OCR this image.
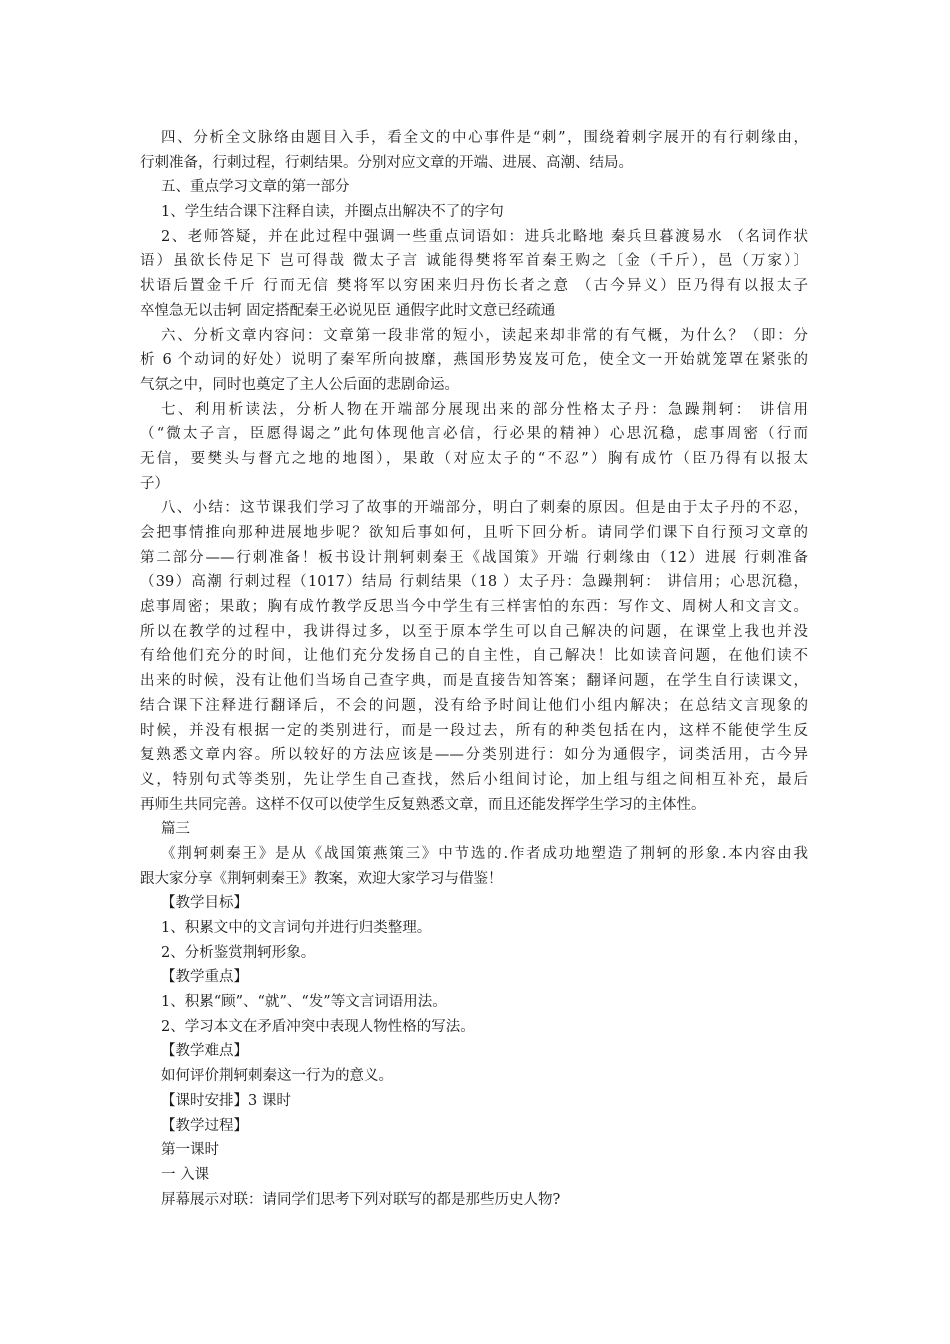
四、分析全文脉络由题目入手，看全文的中心事件是“刺”，围绕着刺字展开的有行刺缘由，
行刺准备，行刺过程，行刺结果。分别对应文章的开端、进展、高潮、结局。
五、重点学习文章的第一部分
1、学生结合课下注释自读，并圈点出解决不了的字句
2、老师答疑，并在此过程中强调一些重点词语如：进兵北略地 秦兵旦暮渡易水 （名词作状
语）虽欲长侍足下 岂可得哉 微太子言 诚能得樊将军首秦王购之〔金（千斤），邑（万家）〕
状语后置金千斤 行而无信 樊将军以穷困来归丹伤长者之意 （古今异义）臣乃得有以报太子
卒惶急无以击轲 固定搭配秦王必说见臣 通假字此时文意已经疏通
六、分析文章内容问：文章第一段非常的短小，读起来却非常的有气概，为什么？（即：分
析 6 个动词的好处）说明了秦军所向披靡，燕国形势岌岌可危，使全文一开始就笼罩在紧张的
气氛之中，同时也奠定了主人公后面的悲剧命运。
七、利用析读法，分析人物在开端部分展现出来的部分性格太子丹：急躁荆轲： 讲信用
（“微太子言，臣愿得谒之”此句体现他言必信，行必果的精神）心思沉稳，虑事周密（行而
无信，要樊头与督亢之地的地图），果敢（对应太子的“不忍”）胸有成竹（臣乃得有以报太
子）
八、小结：这节课我们学习了故事的开端部分，明白了刺秦的原因。但是由于太子丹的不忍，
会把事情推向那种进展地步呢？欲知后事如何，且听下回分析。请同学们课下自行预习文章的
第二部分——行刺准备！板书设计荆轲刺秦王《战国策》开端 行刺缘由（12）进展 行刺准备
（39）高潮 行刺过程（1017）结局 行刺结果（18 ）太子丹：急躁荆轲： 讲信用；心思沉稳，
虑事周密；果敢；胸有成竹教学反思当今中学生有三样害怕的东西：写作文、周树人和文言文。
所以在教学的过程中，我讲得过多，以至于原本学生可以自己解决的问题，在课堂上我也并没
有给他们充分的时间，让他们充分发扬自己的自主性，自己解决！比如读音问题，在他们读不
出来的时候，没有让他们当场自己查字典，而是直接告知答案；翻译问题，在学生自行读课文，
结合课下注释进行翻译后，不会的问题，没有给予时间让他们小组内解决；在总结文言现象的
时候，并没有根据一定的类别进行，而是一段过去，所有的种类包括在内，这样不能使学生反
复熟悉文章内容。所以较好的方法应该是——分类别进行：如分为通假字，词类活用，古今异
义，特别句式等类别，先让学生自己查找，然后小组间讨论，加上组与组之间相互补充，最后
再师生共同完善。这样不仅可以使学生反复熟悉文章，而且还能发挥学生学习的主体性。
篇三
《荆轲刺秦王》是从《战国策燕策三》中节选的.作者成功地塑造了荆轲的形象.本内容由我
跟大家分享《荆轲刺秦王》教案，欢迎大家学习与借鉴！
【教学目标】
1、积累文中的文言词句并进行归类整理。
2、分析鉴赏荆轲形象。
【教学重点】
1、积累“顾”、“就”、“发”等文言词语用法。
2、学习本文在矛盾冲突中表现人物性格的写法。
【教学难点】
如何评价荆轲刺秦这一行为的意义。
【课时安排】3 课时
【教学过程】
第一课时
一 入课
屏幕展示对联：请同学们思考下列对联写的都是那些历史人物?
